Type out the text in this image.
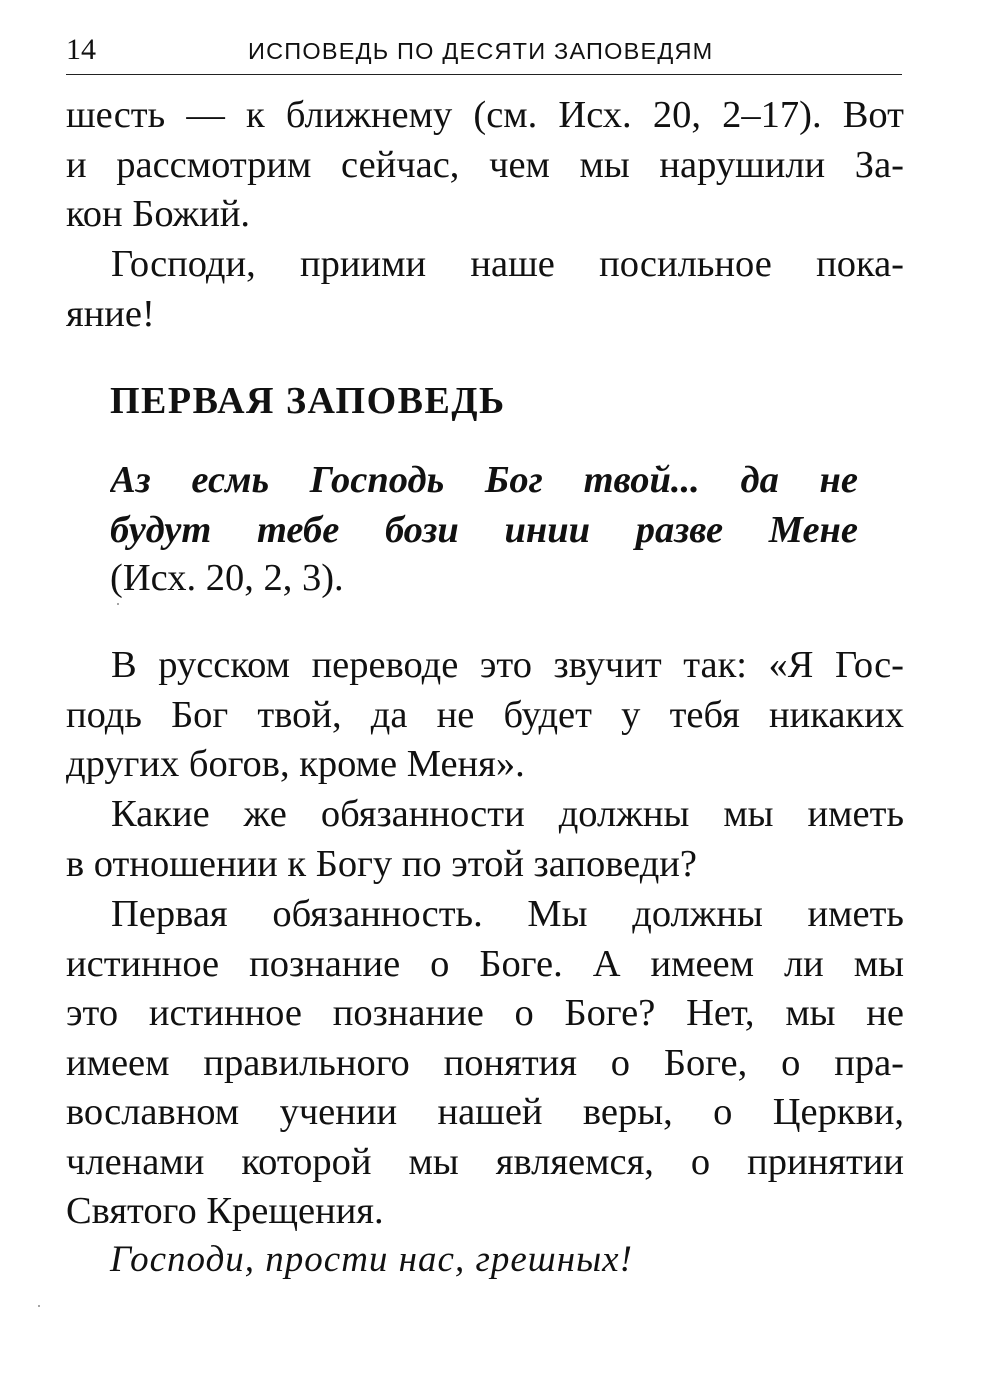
14	ИСПОВЕДЬ ПО ДЕСЯТИ ЗАПОВЕДЯМ
шесть — к ближнему (см. Исх. 20, 2–17). Вот
и рассмотрим сейчас, чем мы нарушили За-
кон Божий.
Господи, приими наше посильное пока-
яние!
ПЕРВАЯ ЗАПОВЕДЬ
Аз есмь Господь Бог твой... да не
будут тебе бози инии разве Мене
(Исх. 20, 2, 3).
В русском переводе это звучит так: «Я Гос-
подь Бог твой, да не будет у тебя никаких
других богов, кроме Меня».
Какие же обязанности должны мы иметь
в отношении к Богу по этой заповеди?
Первая обязанность. Мы должны иметь
истинное познание о Боге. А имеем ли мы
это истинное познание о Боге? Нет, мы не
имеем правильного понятия о Боге, о пра-
вославном учении нашей веры, о Церкви,
членами которой мы являемся, о принятии
Святого Крещения.
Господи, прости нас, грешных!
